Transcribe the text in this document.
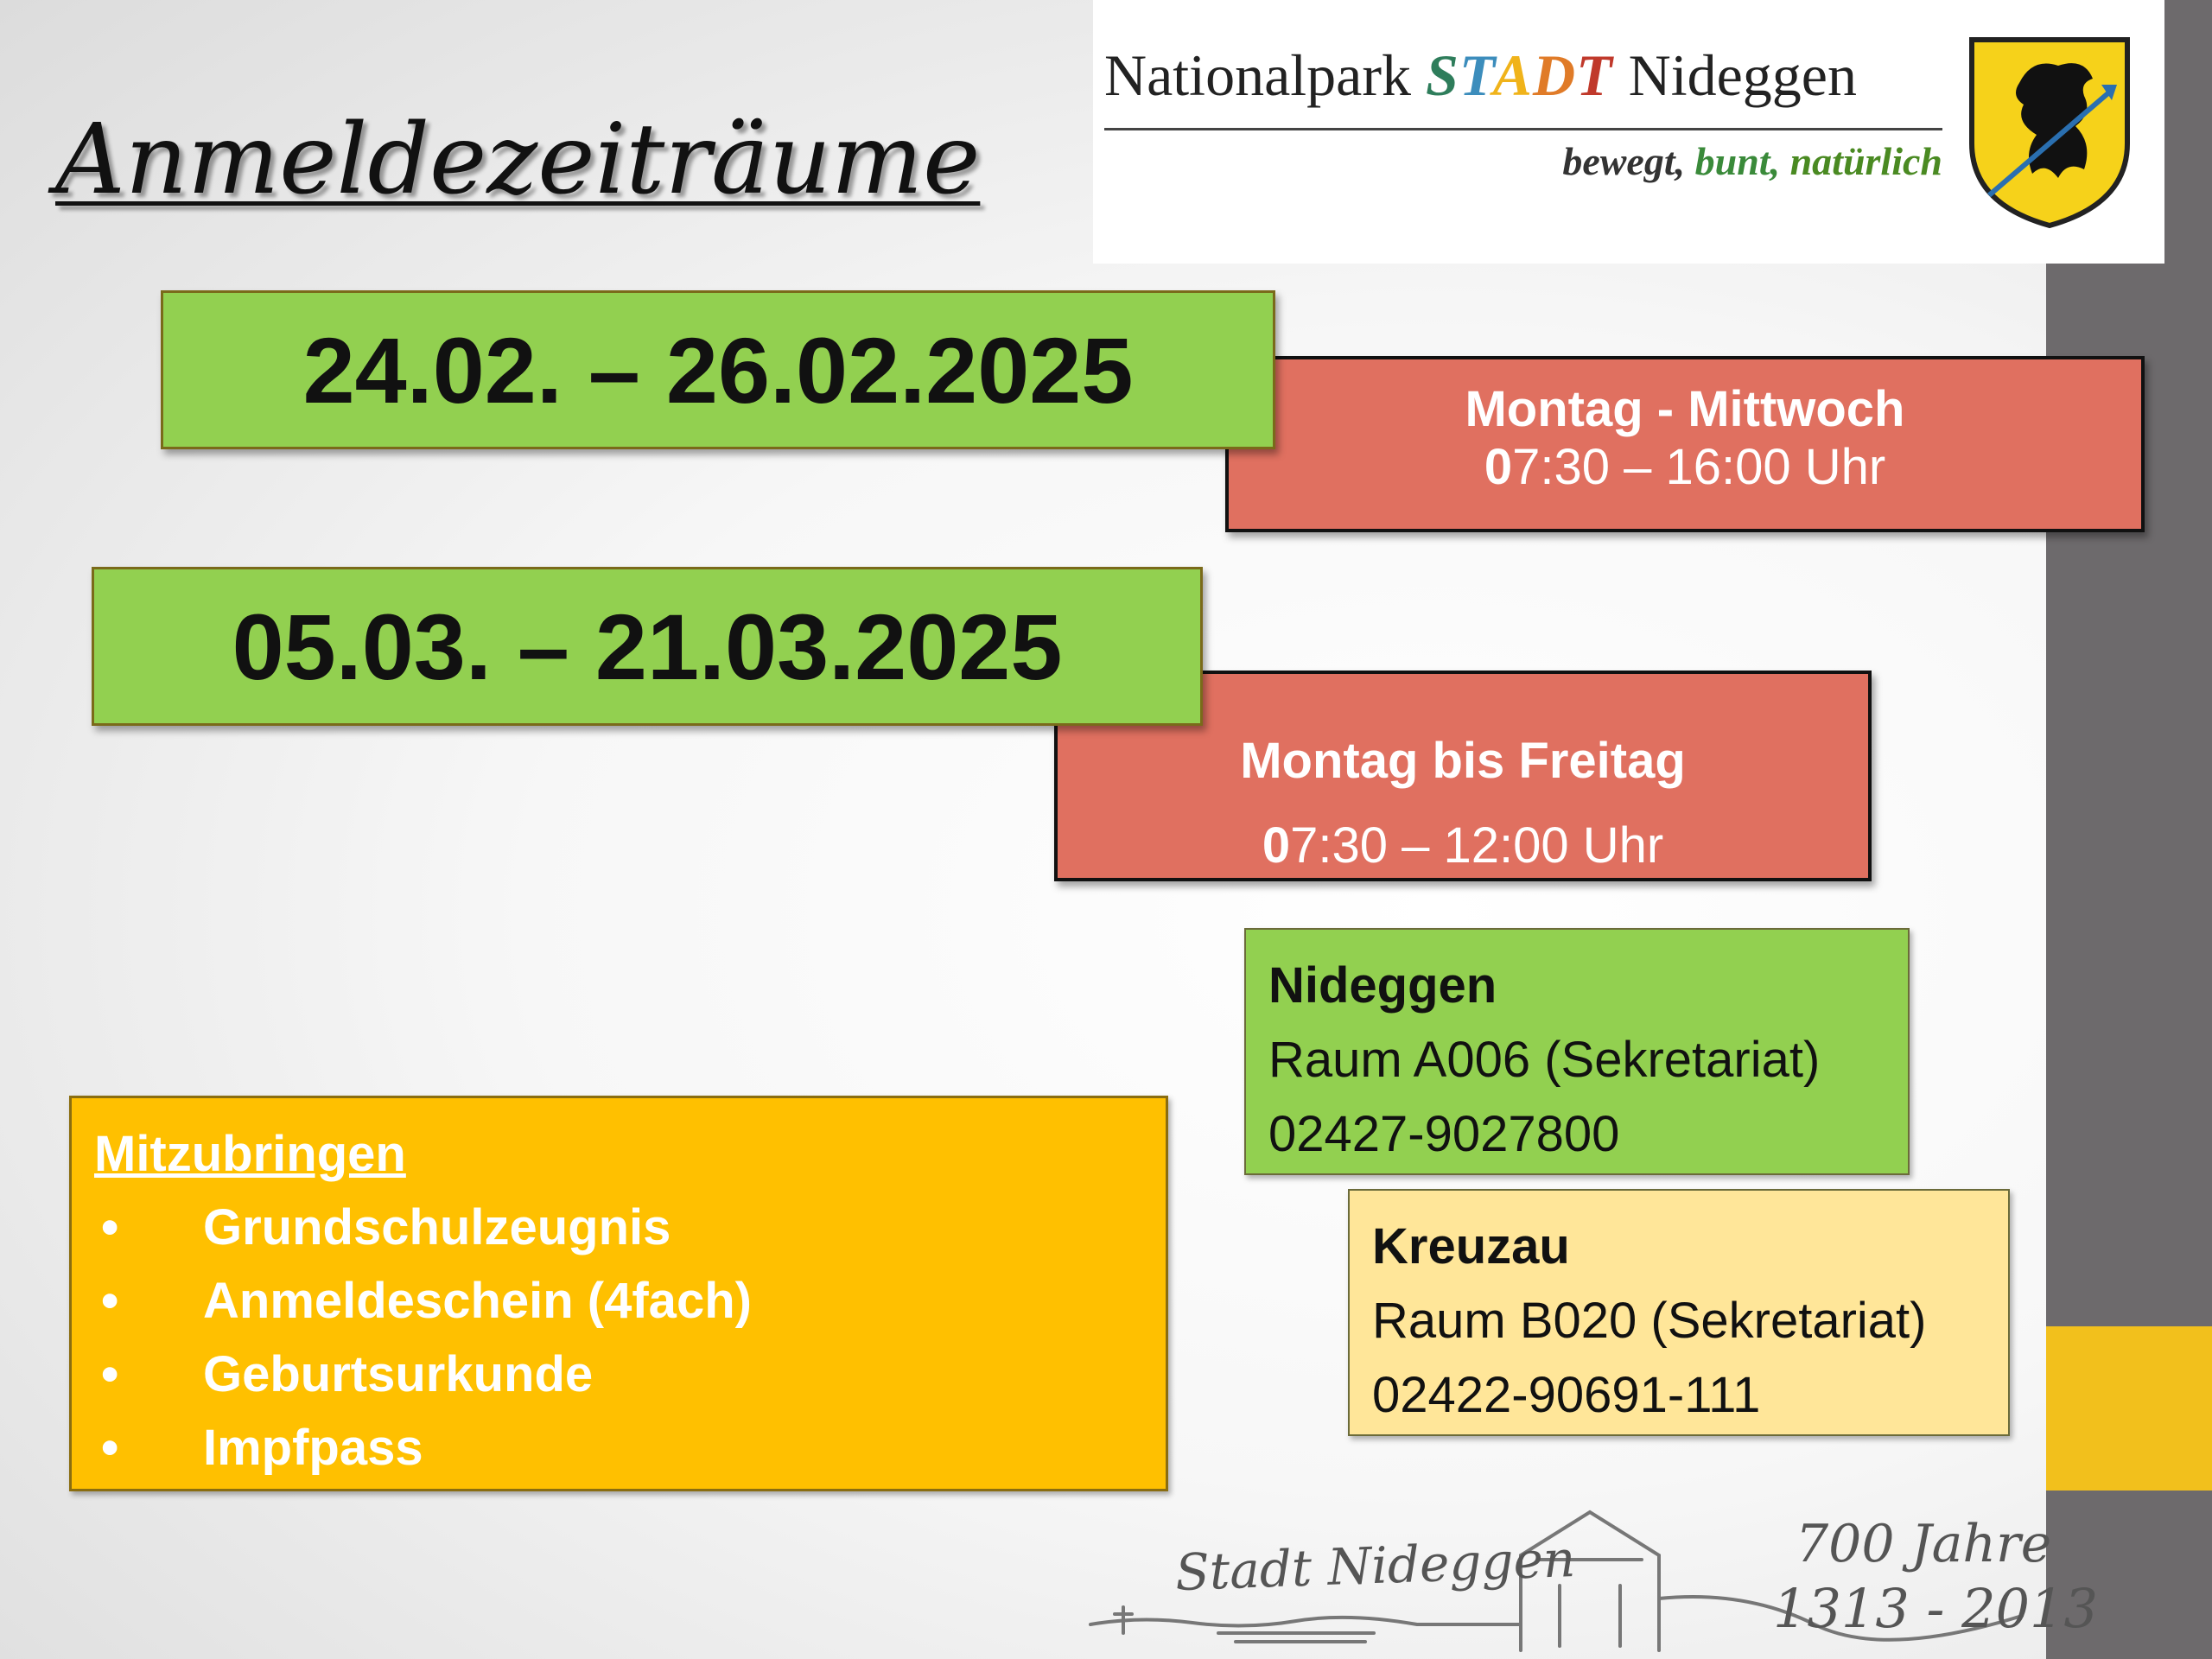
Nationalpark STADT Nideggen
bewegt, bunt, natürlich
Anmeldezeiträume
Montag - Mittwoch
07:30 – 16:00 Uhr
24.02. – 26.02.2025
Montag bis Freitag
07:30 – 12:00 Uhr
05.03. – 21.03.2025
Nideggen
Raum A006 (Sekretariat)
02427-9027800
Kreuzau
Raum B020 (Sekretariat)
02422-90691-111
Mitzubringen
• Grundschulzeugnis
• Anmeldeschein (4fach)
• Geburtsurkunde
• Impfpass
Stadt Nideggen	700 Jahre
1313 - 2013
